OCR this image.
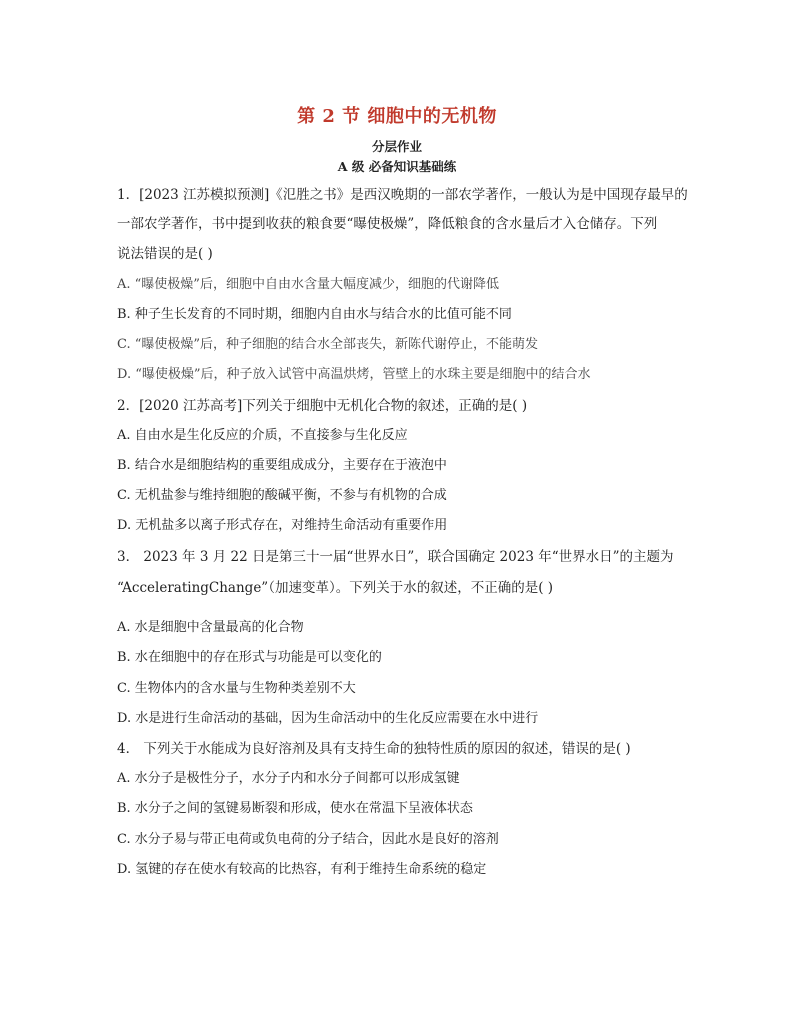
第 2 节 细胞中的无机物
分层作业
A 级 必备知识基础练
1．[2023 江苏模拟预测]《氾胜之书》是西汉晚期的一部农学著作，一般认为是中国现存最早的
一部农学著作，书中提到收获的粮食要“曝使极燥”，降低粮食的含水量后才入仓储存。下列
说法错误的是( )
A. “曝使极燥”后，细胞中自由水含量大幅度减少，细胞的代谢降低
B. 种子生长发育的不同时期，细胞内自由水与结合水的比值可能不同
C. “曝使极燥”后，种子细胞的结合水全部丧失，新陈代谢停止，不能萌发
D. “曝使极燥”后，种子放入试管中高温烘烤，管壁上的水珠主要是细胞中的结合水
2．[2020 江苏高考]下列关于细胞中无机化合物的叙述，正确的是( )
A. 自由水是生化反应的介质，不直接参与生化反应
B. 结合水是细胞结构的重要组成成分，主要存在于液泡中
C. 无机盐参与维持细胞的酸碱平衡，不参与有机物的合成
D. 无机盐多以离子形式存在，对维持生命活动有重要作用
3． 2023 年 3 月 22 日是第三十一届“世界水日”，联合国确定 2023 年“世界水日”的主题为
“AcceleratingChange”（加速变革）。下列关于水的叙述，不正确的是( )
A. 水是细胞中含量最高的化合物
B. 水在细胞中的存在形式与功能是可以变化的
C. 生物体内的含水量与生物种类差别不大
D. 水是进行生命活动的基础，因为生命活动中的生化反应需要在水中进行
4． 下列关于水能成为良好溶剂及具有支持生命的独特性质的原因的叙述，错误的是( )
A. 水分子是极性分子，水分子内和水分子间都可以形成氢键
B. 水分子之间的氢键易断裂和形成，使水在常温下呈液体状态
C. 水分子易与带正电荷或负电荷的分子结合，因此水是良好的溶剂
D. 氢键的存在使水有较高的比热容，有利于维持生命系统的稳定
